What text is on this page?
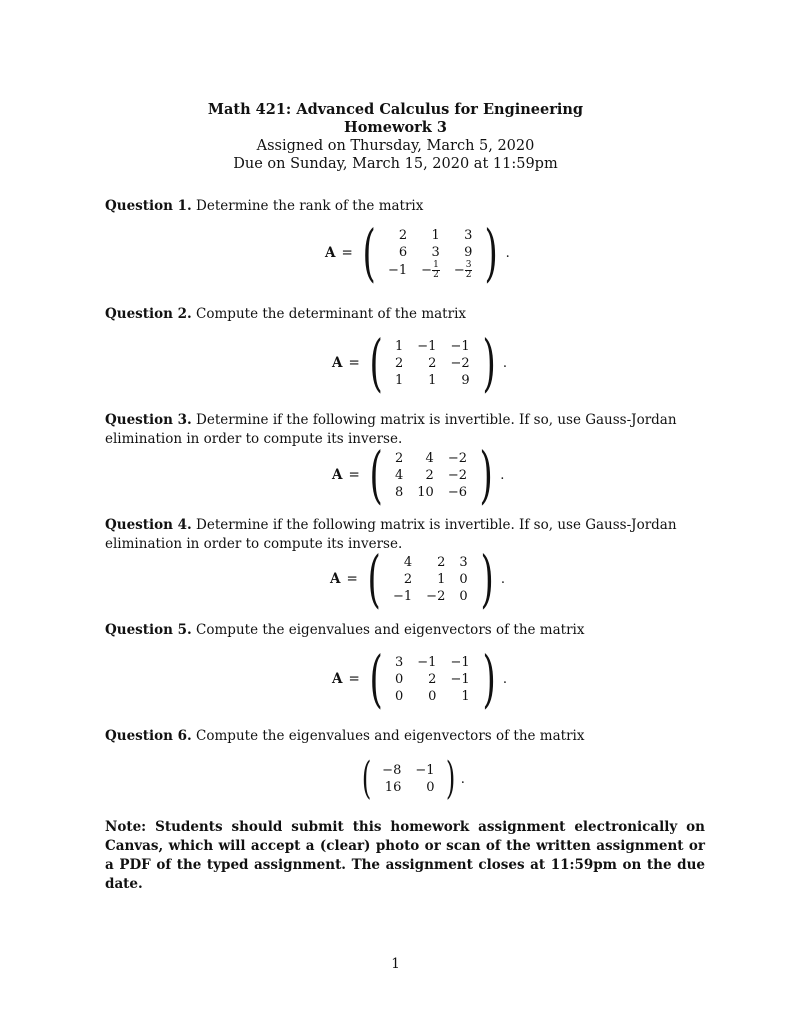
Math 421: Advanced Calculus for Engineering
Homework 3
Assigned on Thursday, March 5, 2020
Due on Sunday, March 15, 2020 at 11:59pm
Question 1. Determine the rank of the matrix
A = ( 2	1	3
6	3	9
−1	− $\frac{1}{2}$	− $\frac{3}{2}$ ) .
Question 2. Compute the determinant of the matrix
A = ( 1	−1	−1
2	2	−2
1	1	9 ) .
Question 3. Determine if the following matrix is invertible. If so, use Gauss-Jordan elimination in order to compute its inverse.
A = ( 2	4	−2
4	2	−2
8	10	−6 ) .
Question 4. Determine if the following matrix is invertible. If so, use Gauss-Jordan elimination in order to compute its inverse.
A = ( 4	2	3
2	1	0
−1	−2	0 ) .
Question 5. Compute the eigenvalues and eigenvectors of the matrix
A = ( 3	−1	−1
0	2	−1
0	0	1 ) .
Question 6. Compute the eigenvalues and eigenvectors of the matrix
( −8	−1
16	0 ) .
Note: Students should submit this homework assignment electronically on Canvas, which will accept a (clear) photo or scan of the written assignment or a PDF of the typed assignment. The assignment closes at 11:59pm on the due date.
1
